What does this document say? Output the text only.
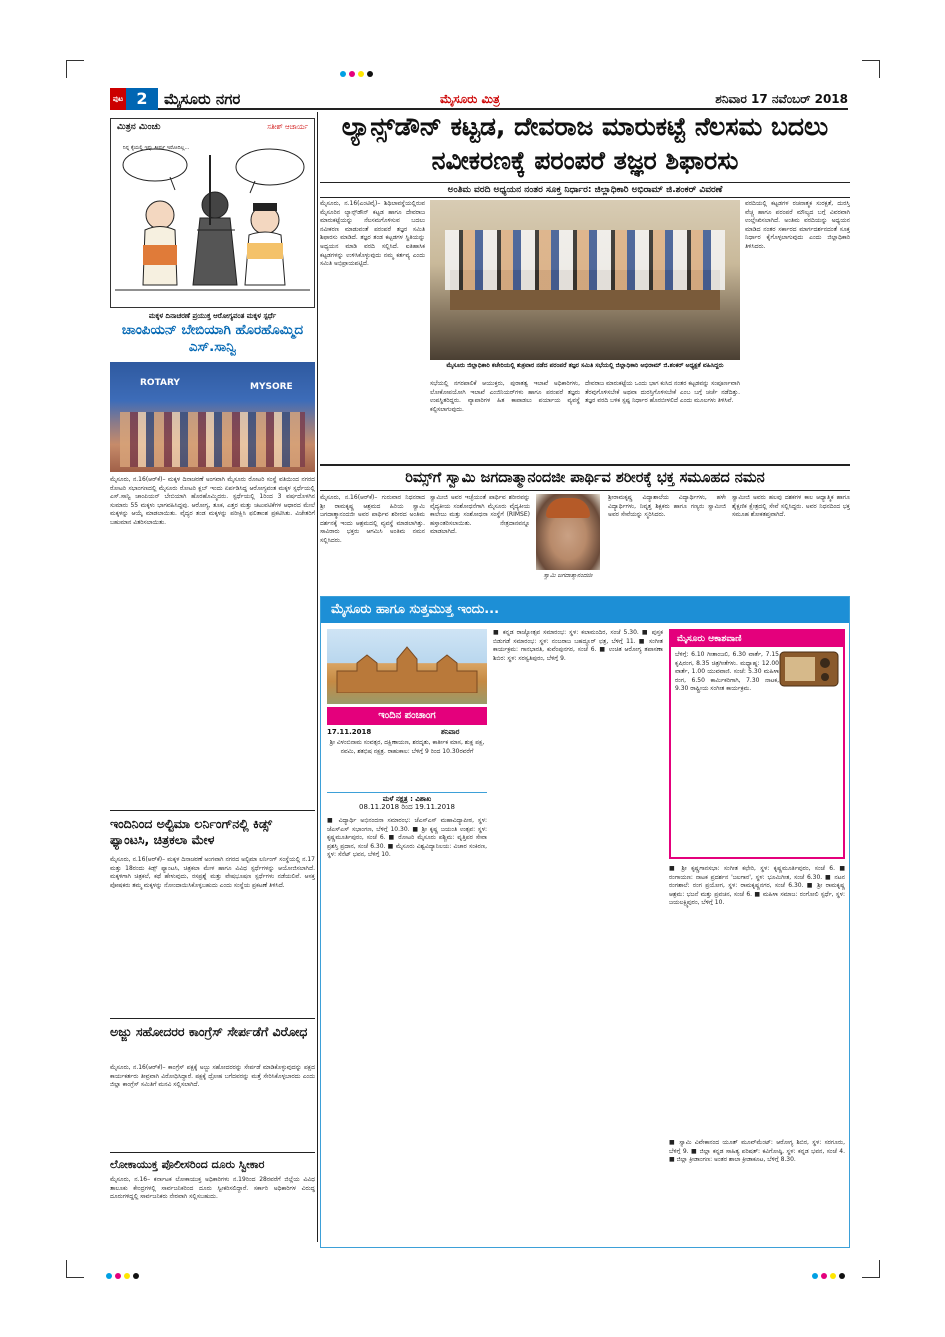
ಪುಟ 2	ಮೈಸೂರು ನಗರ	ಮೈಸೂರು ಮಿತ್ರ	ಶನಿವಾರ 17 ನವೆಂಬರ್ 2018
ಮಿತ್ರನ ಮಿಂಚು	ಸತೀಶ್ ಆಚಾರ್ಯ
ನಿನ್ನ ಕೈಯಲ್ಲಿ ಇನ್ನು ತೀರ್ಪು ಇರೋದಿಲ್ಲ...
ಮಕ್ಕಳ ದಿನಾಚರಣೆ ಪ್ರಯುಕ್ತ ಆರೋಗ್ಯವಂತ ಮಕ್ಕಳ ಸ್ಪರ್ಧೆ
ಚಾಂಪಿಯನ್ ಬೇಬಿಯಾಗಿ ಹೊರಹೊಮ್ಮಿದ ಎಸ್.ಸಾನ್ವಿ
ROTARY	MYSORE
ಮೈಸೂರು, ನ.16(ಆರ್‌ಕೆ)– ಮಕ್ಕಳ ದಿನಾಚರಣೆ ಅಂಗವಾಗಿ ಮೈಸೂರು ರೋಟರಿ ಸಂಸ್ಥೆ ವತಿಯಿಂದ ನಗರದ ರೋಟರಿ ಸಭಾಂಗಣದಲ್ಲಿ ಮೈಸೂರು ರೋಟರಿ ಕ್ಲಬ್ ಇಂದು ಏರ್ಪಡಿಸಿದ್ದ ಆರೋಗ್ಯವಂತ ಮಕ್ಕಳ ಸ್ಪರ್ಧೆಯಲ್ಲಿ ಎಸ್.ಸಾನ್ವಿ ಚಾಂಪಿಯನ್ ಬೇಬಿಯಾಗಿ ಹೊರಹೊಮ್ಮಿದರು. ಸ್ಪರ್ಧೆಯಲ್ಲಿ 1ರಿಂದ 3 ವರ್ಷದೊಳಗಿನ ಸುಮಾರು 55 ಮಕ್ಕಳು ಭಾಗವಹಿಸಿದ್ದವು. ಆರೋಗ್ಯ, ತೂಕ, ಎತ್ತರ ಮತ್ತು ಚಟುವಟಿಕೆಗಳ ಆಧಾರದ ಮೇಲೆ ಮಕ್ಕಳನ್ನು ಆಯ್ಕೆ ಮಾಡಲಾಯಿತು. ವೈದ್ಯರ ತಂಡ ಮಕ್ಕಳನ್ನು ಪರೀಕ್ಷಿಸಿ ಫಲಿತಾಂಶ ಪ್ರಕಟಿಸಿತು. ವಿಜೇತರಿಗೆ ಬಹುಮಾನ ವಿತರಿಸಲಾಯಿತು.
ಇಂದಿನಿಂದ ಅಲ್ಟಿಮಾ ಲರ್ನಿಂಗ್‌ನಲ್ಲಿ ಕಿಡ್ಸ್ ಫ್ಯಾಂಟಸಿ, ಚಿತ್ರಕಲಾ ಮೇಳ
ಮೈಸೂರು, ನ.16(ಆರ್‌ಕೆ)– ಮಕ್ಕಳ ದಿನಾಚರಣೆ ಅಂಗವಾಗಿ ನಗರದ ಅಲ್ಟಿಮಾ ಲರ್ನಿಂಗ್ ಸಂಸ್ಥೆಯಲ್ಲಿ ನ.17 ಮತ್ತು 18ರಂದು ಕಿಡ್ಸ್ ಫ್ಯಾಂಟಸಿ, ಚಿತ್ರಕಲಾ ಮೇಳ ಹಾಗೂ ವಿವಿಧ ಸ್ಪರ್ಧೆಗಳನ್ನು ಆಯೋಜಿಸಲಾಗಿದೆ. ಮಕ್ಕಳಿಗಾಗಿ ಚಿತ್ರಕಲೆ, ಕಥೆ ಹೇಳುವುದು, ರಸಪ್ರಶ್ನೆ ಮತ್ತು ವೇಷಭೂಷಣ ಸ್ಪರ್ಧೆಗಳು ನಡೆಯಲಿವೆ. ಆಸಕ್ತ ಪೋಷಕರು ತಮ್ಮ ಮಕ್ಕಳನ್ನು ನೋಂದಾಯಿಸಿಕೊಳ್ಳಬಹುದು ಎಂದು ಸಂಸ್ಥೆಯ ಪ್ರಕಟಣೆ ತಿಳಿಸಿದೆ.
ಅಜ್ಜು ಸಹೋದರರ ಕಾಂಗ್ರೆಸ್ ಸೇರ್ಪಡೆಗೆ ವಿರೋಧ
ಮೈಸೂರು, ನ.16(ಆರ್‌ಕೆ)– ಕಾಂಗ್ರೆಸ್ ಪಕ್ಷಕ್ಕೆ ಅಜ್ಜು ಸಹೋದರರನ್ನು ಸೇರ್ಪಡೆ ಮಾಡಿಕೊಳ್ಳುವುದನ್ನು ಪಕ್ಷದ ಕಾರ್ಯಕರ್ತರು ತೀವ್ರವಾಗಿ ವಿರೋಧಿಸಿದ್ದಾರೆ. ಪಕ್ಷಕ್ಕೆ ದ್ರೋಹ ಬಗೆದವರನ್ನು ಮತ್ತೆ ಸೇರಿಸಿಕೊಳ್ಳಬಾರದು ಎಂದು ಜಿಲ್ಲಾ ಕಾಂಗ್ರೆಸ್ ಸಮಿತಿಗೆ ಮನವಿ ಸಲ್ಲಿಸಲಾಗಿದೆ.
ಲೋಕಾಯುಕ್ತ ಪೊಲೀಸರಿಂದ ದೂರು ಸ್ವೀಕಾರ
ಮೈಸೂರು, ನ.16– ಕರ್ನಾಟಕ ಲೋಕಾಯುಕ್ತ ಅಧಿಕಾರಿಗಳು ನ.19ರಿಂದ 28ರವರೆಗೆ ಜಿಲ್ಲೆಯ ವಿವಿಧ ತಾಲೂಕು ಕೇಂದ್ರಗಳಲ್ಲಿ ಸಾರ್ವಜನಿಕರಿಂದ ದೂರು ಸ್ವೀಕರಿಸಲಿದ್ದಾರೆ. ಸರ್ಕಾರಿ ಅಧಿಕಾರಿಗಳ ವಿರುದ್ಧ ದೂರುಗಳಿದ್ದಲ್ಲಿ ಸಾರ್ವಜನಿಕರು ನೇರವಾಗಿ ಸಲ್ಲಿಸಬಹುದು.
ಲ್ಯಾನ್ಸ್‌ಡೌನ್ ಕಟ್ಟಡ, ದೇವರಾಜ ಮಾರುಕಟ್ಟೆ ನೆಲಸಮ ಬದಲು ನವೀಕರಣಕ್ಕೆ ಪರಂಪರೆ ತಜ್ಞರ ಶಿಫಾರಸು
ಅಂತಿಮ ವರದಿ ಅಧ್ಯಯನ ನಂತರ ಸೂಕ್ತ ನಿರ್ಧಾರ: ಜಿಲ್ಲಾಧಿಕಾರಿ ಅಭಿರಾಮ್ ಜಿ.ಶಂಕರ್ ವಿವರಣೆ
ಮೈಸೂರು ಜಿಲ್ಲಾಧಿಕಾರಿ ಕಚೇರಿಯಲ್ಲಿ ಶುಕ್ರವಾರ ನಡೆದ ಪರಂಪರೆ ತಜ್ಞರ ಸಮಿತಿ ಸಭೆಯಲ್ಲಿ ಜಿಲ್ಲಾಧಿಕಾರಿ ಅಭಿರಾಮ್ ಜಿ.ಶಂಕರ್ ಅಧ್ಯಕ್ಷತೆ ವಹಿಸಿದ್ದರು
ಮೈಸೂರು, ನ.16(ಎಂಟಿವೈ)– ಶಿಥಿಲಾವಸ್ಥೆಯಲ್ಲಿರುವ ಮೈಸೂರಿನ ಲ್ಯಾನ್ಸ್‌ಡೌನ್ ಕಟ್ಟಡ ಹಾಗೂ ದೇವರಾಜ ಮಾರುಕಟ್ಟೆಯನ್ನು ನೆಲಸಮಗೊಳಿಸುವ ಬದಲು ನವೀಕರಣ ಮಾಡುವಂತೆ ಪರಂಪರೆ ತಜ್ಞರ ಸಮಿತಿ ಶಿಫಾರಸು ಮಾಡಿದೆ. ತಜ್ಞರ ತಂಡ ಕಟ್ಟಡಗಳ ಸ್ಥಿತಿಯನ್ನು ಅಧ್ಯಯನ ಮಾಡಿ ವರದಿ ಸಲ್ಲಿಸಿದೆ. ಐತಿಹಾಸಿಕ ಕಟ್ಟಡಗಳನ್ನು ಉಳಿಸಿಕೊಳ್ಳುವುದು ನಮ್ಮ ಕರ್ತವ್ಯ ಎಂದು ಸಮಿತಿ ಅಭಿಪ್ರಾಯಪಟ್ಟಿದೆ.
ವರದಿಯಲ್ಲಿ ಕಟ್ಟಡಗಳ ರಚನಾತ್ಮಕ ಸುರಕ್ಷತೆ, ದುರಸ್ತಿ ವೆಚ್ಚ ಹಾಗೂ ಪರಂಪರೆ ಮೌಲ್ಯದ ಬಗ್ಗೆ ವಿವರವಾಗಿ ಉಲ್ಲೇಖಿಸಲಾಗಿದೆ. ಅಂತಿಮ ವರದಿಯನ್ನು ಅಧ್ಯಯನ ಮಾಡಿದ ನಂತರ ಸರ್ಕಾರದ ಮಾರ್ಗದರ್ಶನದಂತೆ ಸೂಕ್ತ ನಿರ್ಧಾರ ಕೈಗೊಳ್ಳಲಾಗುವುದು ಎಂದು ಜಿಲ್ಲಾಧಿಕಾರಿ ತಿಳಿಸಿದರು.
ಸಭೆಯಲ್ಲಿ ನಗರಪಾಲಿಕೆ ಆಯುಕ್ತರು, ಪುರಾತತ್ವ ಇಲಾಖೆ ಅಧಿಕಾರಿಗಳು, ಲೋಕೋಪಯೋಗಿ ಇಲಾಖೆ ಎಂಜಿನಿಯರ್‌ಗಳು ಹಾಗೂ ಪರಂಪರೆ ತಜ್ಞರು ಉಪಸ್ಥಿತರಿದ್ದರು. ವ್ಯಾಪಾರಿಗಳ ಹಿತ ಕಾಪಾಡಲು ಪರ್ಯಾಯ ವ್ಯವಸ್ಥೆ ಕಲ್ಪಿಸಲಾಗುವುದು.
ದೇವರಾಜ ಮಾರುಕಟ್ಟೆಯ ಒಂದು ಭಾಗ ಕುಸಿದ ನಂತರ ಕಟ್ಟಡವನ್ನು ಸಂಪೂರ್ಣವಾಗಿ ತೆರವುಗೊಳಿಸಬೇಕೆ ಅಥವಾ ದುರಸ್ತಿಗೊಳಿಸಬೇಕೆ ಎಂಬ ಬಗ್ಗೆ ಚರ್ಚೆ ನಡೆದಿತ್ತು. ತಜ್ಞರ ವರದಿ ಬಳಿಕ ಸ್ಪಷ್ಟ ನಿರ್ಧಾರ ಹೊರಬೀಳಲಿದೆ ಎಂದು ಮೂಲಗಳು ತಿಳಿಸಿವೆ.
ರಿಮ್ಸ್‌ಗೆ ಸ್ವಾಮಿ ಜಗದಾತ್ಮಾನಂದಜೀ ಪಾರ್ಥಿವ ಶರೀರಕ್ಕೆ ಭಕ್ತ ಸಮೂಹದ ನಮನ
ಮೈಸೂರು, ನ.16(ಆರ್‌ಕೆ)– ಗುರುವಾರ ನಿಧನರಾದ ಶ್ರೀ ರಾಮಕೃಷ್ಣ ಆಶ್ರಮದ ಹಿರಿಯ ಸ್ವಾಮಿ ಜಗದಾತ್ಮಾನಂದಜೀ ಅವರ ಪಾರ್ಥಿವ ಶರೀರದ ಅಂತಿಮ ದರ್ಶನಕ್ಕೆ ಇಂದು ಆಶ್ರಮದಲ್ಲಿ ವ್ಯವಸ್ಥೆ ಮಾಡಲಾಗಿತ್ತು. ಸಾವಿರಾರು ಭಕ್ತರು ಆಗಮಿಸಿ ಅಂತಿಮ ನಮನ ಸಲ್ಲಿಸಿದರು.
ಸ್ವಾಮೀಜಿ ಅವರ ಇಚ್ಛೆಯಂತೆ ಪಾರ್ಥಿವ ಶರೀರವನ್ನು ವೈದ್ಯಕೀಯ ಸಂಶೋಧನೆಗಾಗಿ ಮೈಸೂರು ವೈದ್ಯಕೀಯ ಕಾಲೇಜು ಮತ್ತು ಸಂಶೋಧನಾ ಸಂಸ್ಥೆಗೆ (RIMSE) ಹಸ್ತಾಂತರಿಸಲಾಯಿತು. ನೇತ್ರದಾನವನ್ನೂ ಮಾಡಲಾಗಿದೆ.
ಸ್ವಾಮಿ ಜಗದಾತ್ಮಾನಂದಜೀ
ಶ್ರೀರಾಮಕೃಷ್ಣ ವಿದ್ಯಾಶಾಲೆಯ ವಿದ್ಯಾರ್ಥಿಗಳು, ಹಳೇ ವಿದ್ಯಾರ್ಥಿಗಳು, ನಿವೃತ್ತ ಶಿಕ್ಷಕರು ಹಾಗೂ ಗಣ್ಯರು ಸ್ವಾಮೀಜಿ ಅವರ ಸೇವೆಯನ್ನು ಸ್ಮರಿಸಿದರು.
ಸ್ವಾಮೀಜಿ ಅವರು ಹಲವು ದಶಕಗಳ ಕಾಲ ಆಧ್ಯಾತ್ಮಿಕ ಹಾಗೂ ಶೈಕ್ಷಣಿಕ ಕ್ಷೇತ್ರದಲ್ಲಿ ಸೇವೆ ಸಲ್ಲಿಸಿದ್ದರು. ಅವರ ನಿಧನದಿಂದ ಭಕ್ತ ಸಮೂಹ ಶೋಕತಪ್ತವಾಗಿದೆ.
ಮೈಸೂರು ಹಾಗೂ ಸುತ್ತಮುತ್ತ ಇಂದು...
ಇಂದಿನ ಪಂಚಾಂಗ
17.11.2018	ಶನಿವಾರ
ಶ್ರೀ ವಿಳಂಬಿನಾಮ ಸಂವತ್ಸರ, ದಕ್ಷಿಣಾಯಣ, ಶರದೃತು, ಕಾರ್ತೀಕ ಮಾಸ, ಶುಕ್ಲ ಪಕ್ಷ, ನವಮಿ, ಶತಭಿಷ ನಕ್ಷತ್ರ. ರಾಹುಕಾಲ: ಬೆಳಿಗ್ಗೆ 9 ರಿಂದ 10.30ರವರೆಗೆ
ಮಳೆ ನಕ್ಷತ್ರ : ವಿಶಾಖ
08.11.2018 ರಿಂದ 19.11.2018
■ ವಿದ್ಯಾರ್ಥಿ ಅಭಿನಂದನಾ ಸಮಾರಂಭ: ಜೆಎಸ್‌ಎಸ್ ಮಹಾವಿದ್ಯಾಪೀಠ, ಸ್ಥಳ: ಜೆಎಸ್‌ಎಸ್ ಸಭಾಂಗಣ, ಬೆಳಿಗ್ಗೆ 10.30. ■ ಶ್ರೀ ಕೃಷ್ಣ ಜಯಂತಿ ಉತ್ಸವ: ಸ್ಥಳ: ಕೃಷ್ಣಮೂರ್ತಿಪುರಂ, ಸಂಜೆ 6. ■ ರೋಟರಿ ಮೈಸೂರು ಪಶ್ಚಿಮ: ವೃತ್ತಿಪರ ಸೇವಾ ಪ್ರಶಸ್ತಿ ಪ್ರದಾನ, ಸಂಜೆ 6.30. ■ ಮೈಸೂರು ವಿಶ್ವವಿದ್ಯಾನಿಲಯ: ವಿಚಾರ ಸಂಕಿರಣ, ಸ್ಥಳ: ಸೆನೆಟ್ ಭವನ, ಬೆಳಿಗ್ಗೆ 10.
■ ಕನ್ನಡ ರಾಜ್ಯೋತ್ಸವ ಸಮಾರಂಭ: ಸ್ಥಳ: ಕಲಾಮಂದಿರ, ಸಂಜೆ 5.30. ■ ಪುಸ್ತಕ ಬಿಡುಗಡೆ ಸಮಾರಂಭ: ಸ್ಥಳ: ನಂಜರಾಜ ಬಹದ್ದೂರ್ ಛತ್ರ, ಬೆಳಿಗ್ಗೆ 11. ■ ಸಂಗೀತ ಕಾರ್ಯಕ್ರಮ: ಗಾನಭಾರತಿ, ಕುವೆಂಪುನಗರ, ಸಂಜೆ 6. ■ ಉಚಿತ ಆರೋಗ್ಯ ತಪಾಸಣಾ ಶಿಬಿರ: ಸ್ಥಳ: ಸರಸ್ವತಿಪುರಂ, ಬೆಳಿಗ್ಗೆ 9.
ಮೈಸೂರು ಆಕಾಶವಾಣಿ
ಬೆಳಿಗ್ಗೆ: 6.10 ಗೀತಾಂಜಲಿ, 6.30 ವಾರ್ತೆ, 7.15 ಕೃಷಿರಂಗ, 8.35 ಚಿತ್ರಗೀತೆಗಳು. ಮಧ್ಯಾಹ್ನ: 12.00 ವಾರ್ತೆ, 1.00 ಯುವವಾಣಿ. ಸಂಜೆ: 5.30 ಮಹಿಳಾ ರಂಗ, 6.50 ಕಾರ್ಮಿಕರಿಗಾಗಿ, 7.30 ನಾಟಕ, 9.30 ರಾಷ್ಟ್ರೀಯ ಸಂಗೀತ ಕಾರ್ಯಕ್ರಮ.
■ ಶ್ರೀ ಕೃಷ್ಣಗಾನಸಭಾ: ಸಂಗೀತ ಕಛೇರಿ, ಸ್ಥಳ: ಕೃಷ್ಣಮೂರ್ತಿಪುರಂ, ಸಂಜೆ 6. ■ ರಂಗಾಯಣ: ನಾಟಕ ಪ್ರದರ್ಶನ 'ಜಲಗಾರ', ಸ್ಥಳ: ಭೂಮಿಗೀತ, ಸಂಜೆ 6.30. ■ ನಟನ ರಂಗಶಾಲೆ: ರಂಗ ಪ್ರಯೋಗ, ಸ್ಥಳ: ರಾಮಕೃಷ್ಣನಗರ, ಸಂಜೆ 6.30. ■ ಶ್ರೀ ರಾಮಕೃಷ್ಣ ಆಶ್ರಮ: ಭಜನೆ ಮತ್ತು ಪ್ರವಚನ, ಸಂಜೆ 6. ■ ಮಹಿಳಾ ಸಮಾಜ: ರಂಗೋಲಿ ಸ್ಪರ್ಧೆ, ಸ್ಥಳ: ಜಯಲಕ್ಷ್ಮಿಪುರಂ, ಬೆಳಿಗ್ಗೆ 10.
■ ಸ್ವಾಮಿ ವಿವೇಕಾನಂದ ಯೂತ್ ಮೂವ್‌ಮೆಂಟ್: ಆರೋಗ್ಯ ಶಿಬಿರ, ಸ್ಥಳ: ಸರಗೂರು, ಬೆಳಿಗ್ಗೆ 9. ■ ಜಿಲ್ಲಾ ಕನ್ನಡ ಸಾಹಿತ್ಯ ಪರಿಷತ್: ಕವಿಗೋಷ್ಠಿ, ಸ್ಥಳ: ಕನ್ನಡ ಭವನ, ಸಂಜೆ 4. ■ ಜಿಲ್ಲಾ ಕ್ರೀಡಾಂಗಣ: ಅಂತರ ಶಾಲಾ ಕ್ರೀಡಾಕೂಟ, ಬೆಳಿಗ್ಗೆ 8.30.
